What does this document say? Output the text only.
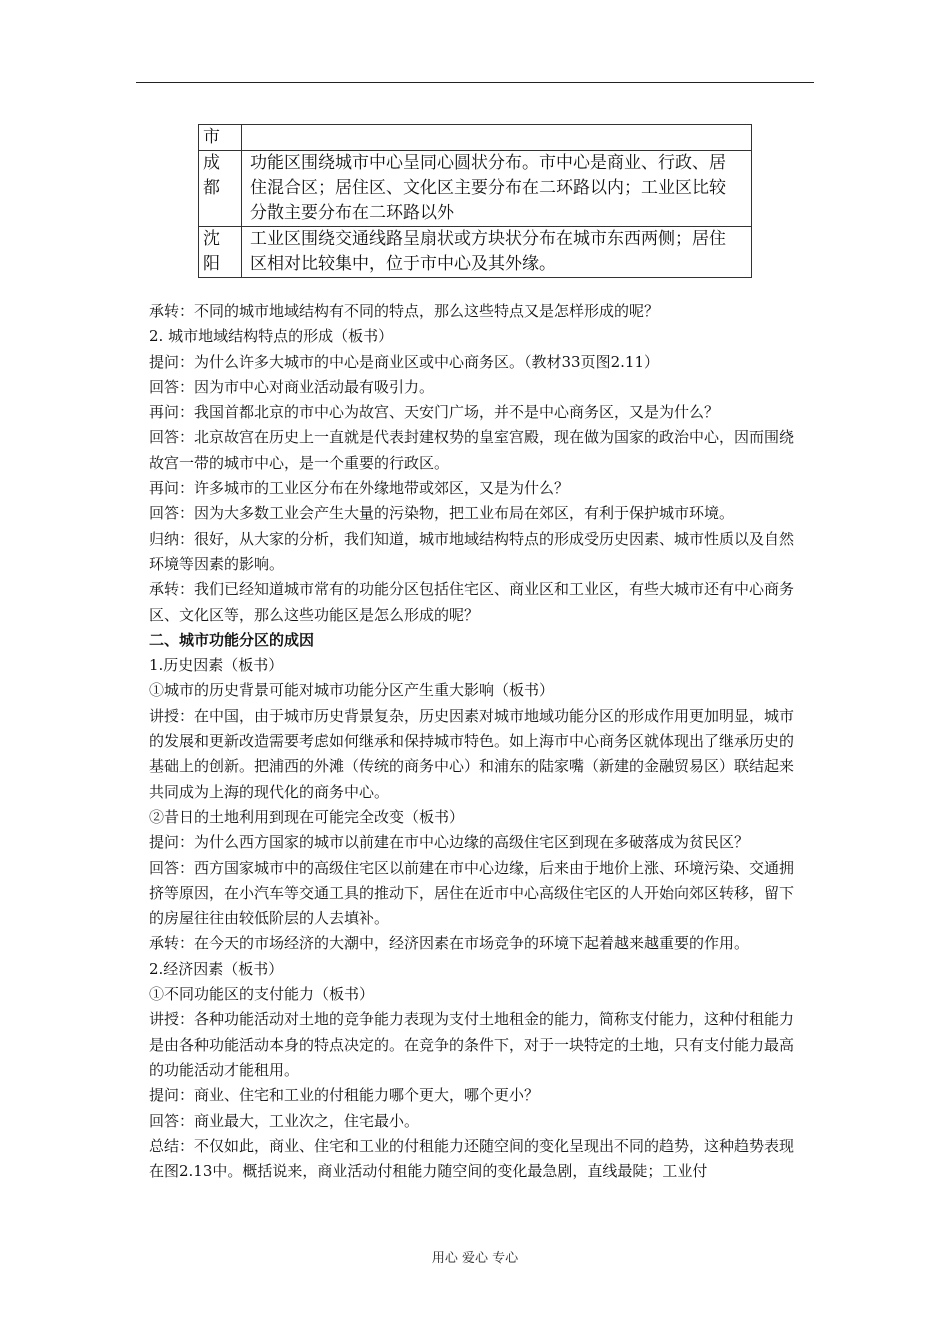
市	
成
都	功能区围绕城市中心呈同心圆状分布。市中心是商业、行政、居住混合区；居住区、文化区主要分布在二环路以内；工业区比较分散主要分布在二环路以外
沈
阳	工业区围绕交通线路呈扇状或方块状分布在城市东西两侧；居住区相对比较集中，位于市中心及其外缘。

承转：不同的城市地域结构有不同的特点，那么这些特点又是怎样形成的呢？

2. 城市地域结构特点的形成（板书）

提问：为什么许多大城市的中心是商业区或中心商务区。（教材33页图2.11）

回答：因为市中心对商业活动最有吸引力。

再问：我国首都北京的市中心为故宫、天安门广场，并不是中心商务区，又是为什么？

回答：北京故宫在历史上一直就是代表封建权势的皇室宫殿，现在做为国家的政治中心，因而围绕故宫一带的城市中心，是一个重要的行政区。

再问：许多城市的工业区分布在外缘地带或郊区，又是为什么？

回答：因为大多数工业会产生大量的污染物，把工业布局在郊区，有利于保护城市环境。

归纳：很好，从大家的分析，我们知道，城市地域结构特点的形成受历史因素、城市性质以及自然环境等因素的影响。

承转：我们已经知道城市常有的功能分区包括住宅区、商业区和工业区，有些大城市还有中心商务区、文化区等，那么这些功能区是怎么形成的呢？

二、城市功能分区的成因

1.历史因素（板书）

①城市的历史背景可能对城市功能分区产生重大影响（板书）

讲授：在中国，由于城市历史背景复杂，历史因素对城市地域功能分区的形成作用更加明显，城市的发展和更新改造需要考虑如何继承和保持城市特色。如上海市中心商务区就体现出了继承历史的基础上的创新。把浦西的外滩（传统的商务中心）和浦东的陆家嘴（新建的金融贸易区）联结起来共同成为上海的现代化的商务中心。

②昔日的土地利用到现在可能完全改变（板书）

提问：为什么西方国家的城市以前建在市中心边缘的高级住宅区到现在多破落成为贫民区？

回答：西方国家城市中的高级住宅区以前建在市中心边缘，后来由于地价上涨、环境污染、交通拥挤等原因，在小汽车等交通工具的推动下，居住在近市中心高级住宅区的人开始向郊区转移，留下的房屋往往由较低阶层的人去填补。

承转：在今天的市场经济的大潮中，经济因素在市场竞争的环境下起着越来越重要的作用。

2.经济因素（板书）

①不同功能区的支付能力（板书）

讲授：各种功能活动对土地的竞争能力表现为支付土地租金的能力，简称支付能力，这种付租能力是由各种功能活动本身的特点决定的。在竞争的条件下，对于一块特定的土地，只有支付能力最高的功能活动才能租用。

提问：商业、住宅和工业的付租能力哪个更大，哪个更小？

回答：商业最大，工业次之，住宅最小。

总结：不仅如此，商业、住宅和工业的付租能力还随空间的变化呈现出不同的趋势，这种趋势表现在图2.13中。概括说来，商业活动付租能力随空间的变化最急剧，直线最陡；工业付

用心 爱心 专心
